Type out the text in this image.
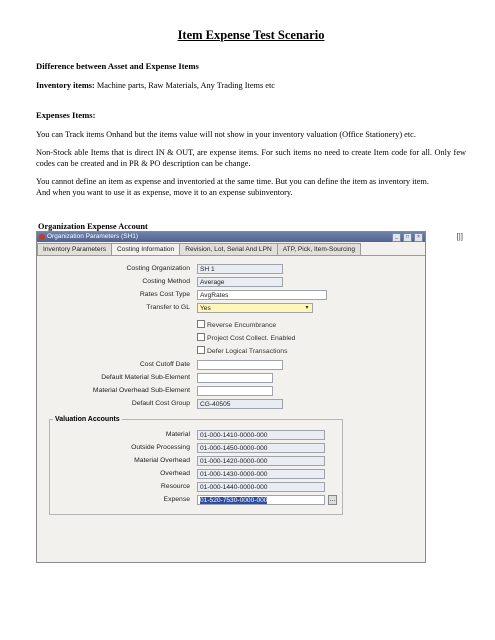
Item Expense Test Scenario

Difference between Asset and Expense Items

Inventory items: Machine parts, Raw Materials, Any Trading Items etc

Expenses Items:

You can Track items Onhand but the items value will not show in your inventory valuation (Office Stationery) etc.

Non-Stock able Items that is direct IN & OUT, are expense items. For such items no need to create Item code for all. Only few codes can be created and in PR & PO description can be change.

You cannot define an item as expense and inventoried at the same time. But you can define the item as inventory item.

And when you want to use it as expense, move it to an expense subinventory.

Organization Expense Account

Organization Parameters (SH1)	_	□	×
Inventory Parameters	Costing Information	Revision, Lot, Serial And LPN	ATP, Pick, Item-Sourcing
[|]
Costing Organization	SH 1
Costing Method	Average
Rates Cost Type	AvgRates
Transfer to GL	Yes	▾
Reverse Encumbrance
Project Cost Collect. Enabled
Defer Logical Transactions
Cost Cutoff Date
Default Material Sub-Element
Material Overhead Sub-Element
Default Cost Group	CG-40505
Valuation Accounts
Material	01-000-1410-0000-000
Outside Processing	01-000-1450-0000-000
Material Overhead	01-000-1420-0000-000
Overhead	01-000-1430-0000-000
Resource	01-000-1440-0000-000
Expense	01-520-7530-0000-000	…
